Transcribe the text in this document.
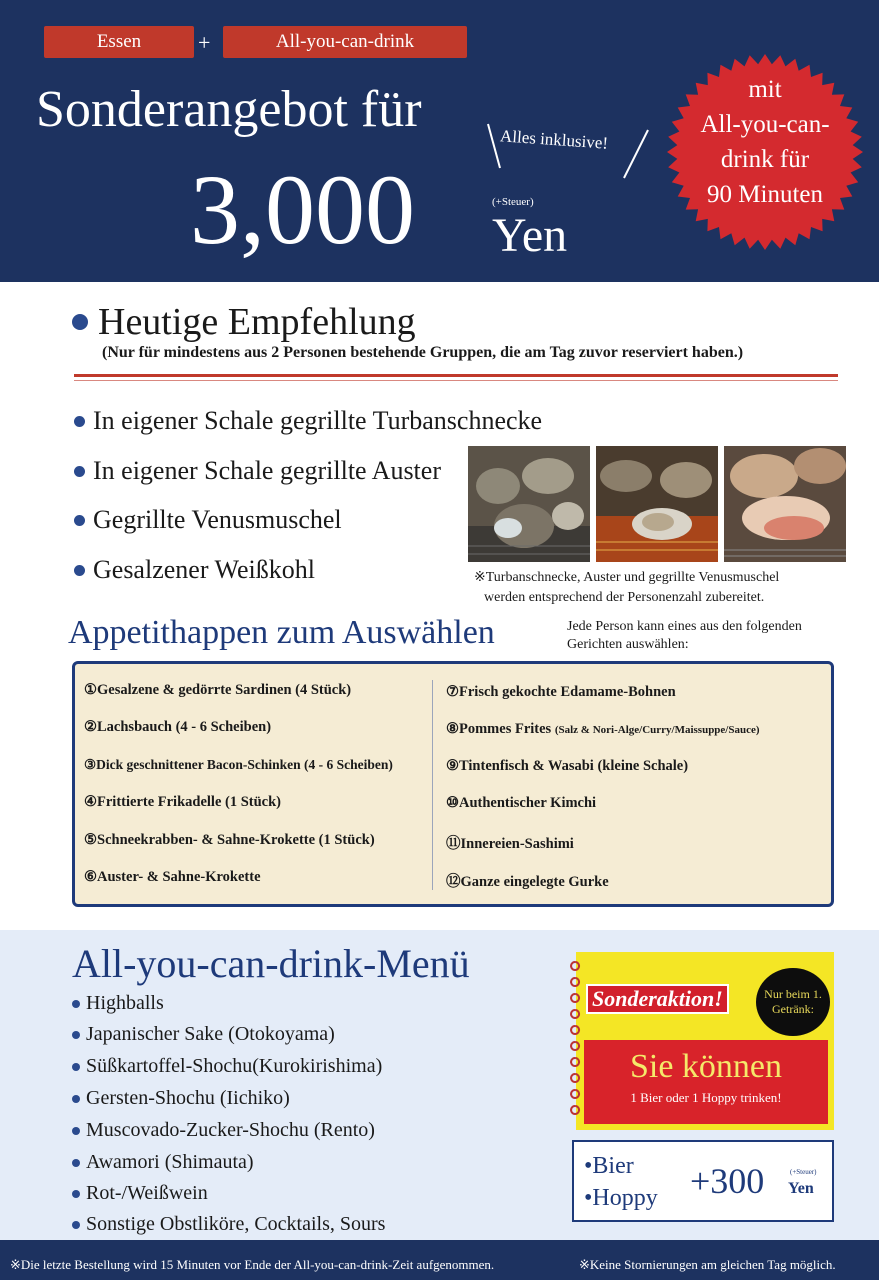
Essen	+	All-you-can-drink
Sonderangebot für
Alles inklusive!
3,000	(+Steuer)
Yen
mit
All-you-can-
drink für
90 Minuten
Heutige Empfehlung
(Nur für mindestens aus 2 Personen bestehende Gruppen, die am Tag zuvor reserviert haben.)
In eigener Schale gegrillte Turbanschnecke
In eigener Schale gegrillte Auster
Gegrillte Venusmuschel
Gesalzener Weißkohl	※Turbanschnecke, Auster und gegrillte Venusmuschel
werden entsprechend der Personenzahl zubereitet.
Appetithappen zum Auswählen	Jede Person kann eines aus den folgenden
Gerichten auswählen:
①Gesalzene & gedörrte Sardinen (4 Stück)
②Lachsbauch (4 - 6 Scheiben)
③Dick geschnittener Bacon-Schinken (4 - 6 Scheiben)
④Frittierte Frikadelle (1 Stück)
⑤Schneekrabben- & Sahne-Krokette (1 Stück)
⑥Auster- & Sahne-Krokette
⑦Frisch gekochte Edamame-Bohnen
⑧Pommes Frites (Salz & Nori-Alge/Curry/Maissuppe/Sauce)
⑨Tintenfisch & Wasabi (kleine Schale)
⑩Authentischer Kimchi
⑪Innereien-Sashimi
⑫Ganze eingelegte Gurke
All-you-can-drink-Menü
Highballs
Japanischer Sake (Otokoyama)
Süßkartoffel-Shochu(Kurokirishima)
Gersten-Shochu (Iichiko)
Muscovado-Zucker-Shochu (Rento)
Awamori (Shimauta)
Rot-/Weißwein
Sonstige Obstliköre, Cocktails, Sours
Sonderaktion!	Nur beim 1.
Getränk:
Sie können
1 Bier oder 1 Hoppy trinken!
•Bier
•Hoppy +300	(+Steuer)
Yen
※Die letzte Bestellung wird 15 Minuten vor Ende der All-you-can-drink-Zeit aufgenommen.	※Keine Stornierungen am gleichen Tag möglich.
